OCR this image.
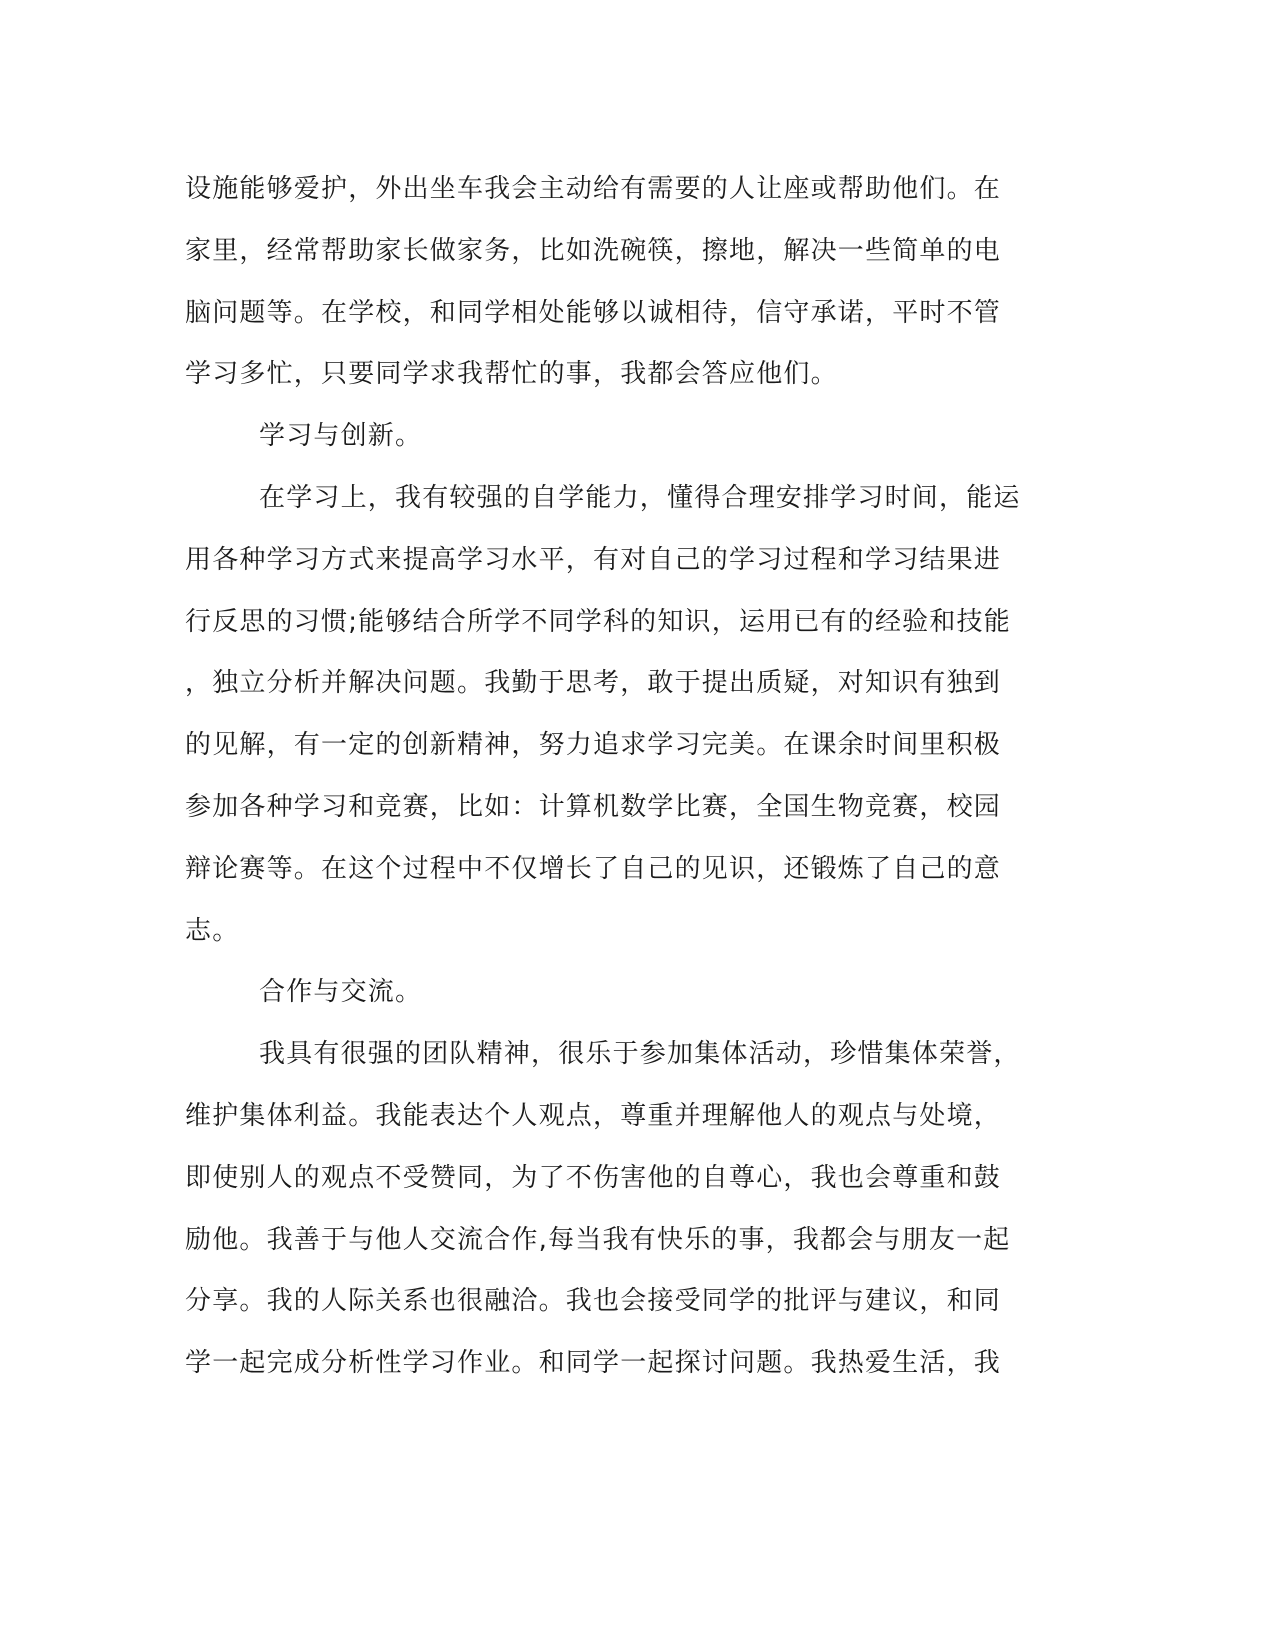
设施能够爱护，外出坐车我会主动给有需要的人让座或帮助他们。在
家里，经常帮助家长做家务，比如洗碗筷，擦地，解决一些简单的电
脑问题等。在学校，和同学相处能够以诚相待，信守承诺，平时不管
学习多忙，只要同学求我帮忙的事，我都会答应他们。
学习与创新。
在学习上，我有较强的自学能力，懂得合理安排学习时间，能运
用各种学习方式来提高学习水平，有对自己的学习过程和学习结果进
行反思的习惯;能够结合所学不同学科的知识，运用已有的经验和技能
，独立分析并解决问题。我勤于思考，敢于提出质疑，对知识有独到
的见解，有一定的创新精神，努力追求学习完美。在课余时间里积极
参加各种学习和竞赛，比如：计算机数学比赛，全国生物竞赛，校园
辩论赛等。在这个过程中不仅增长了自己的见识，还锻炼了自己的意
志。
合作与交流。
我具有很强的团队精神，很乐于参加集体活动，珍惜集体荣誉，
维护集体利益。我能表达个人观点，尊重并理解他人的观点与处境，
即使别人的观点不受赞同，为了不伤害他的自尊心，我也会尊重和鼓
励他。我善于与他人交流合作,每当我有快乐的事，我都会与朋友一起
分享。我的人际关系也很融洽。我也会接受同学的批评与建议，和同
学一起完成分析性学习作业。和同学一起探讨问题。我热爱生活，我
